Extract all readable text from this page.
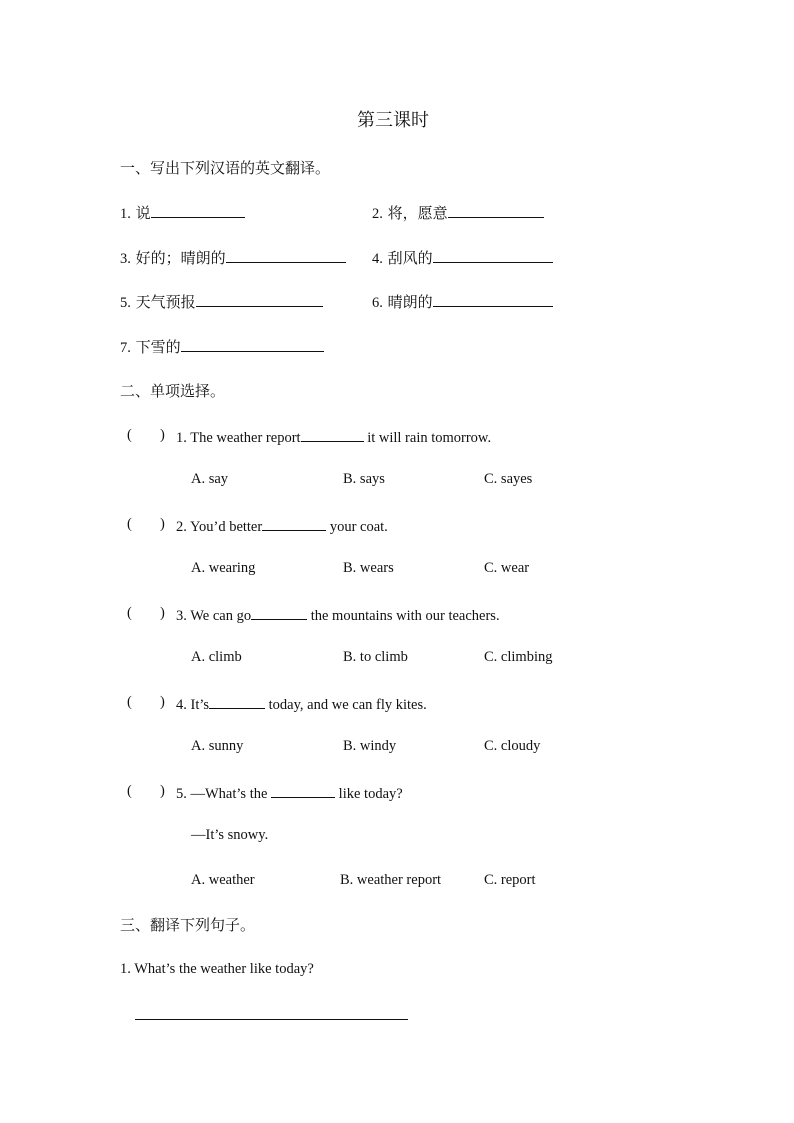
第三课时
一、写出下列汉语的英文翻译。
1. 说	2. 将，愿意
3. 好的；晴朗的	4. 刮风的
5. 天气预报	6. 晴朗的
7. 下雪的
二、单项选择。
( ) 1. The weather report	it will rain tomorrow.
A. say	B. says	C. sayes
( ) 2. You’d better	your coat.
A. wearing	B. wears	C. wear
( ) 3. We can go	the mountains with our teachers.
A. climb	B. to climb	C. climbing
( ) 4. It’s	today, and we can fly kites.
A. sunny	B. windy	C. cloudy
( ) 5. —What’s the	like today?
—It’s snowy.
A. weather	B. weather report	C. report
三、翻译下列句子。
1. What’s the weather like today?
